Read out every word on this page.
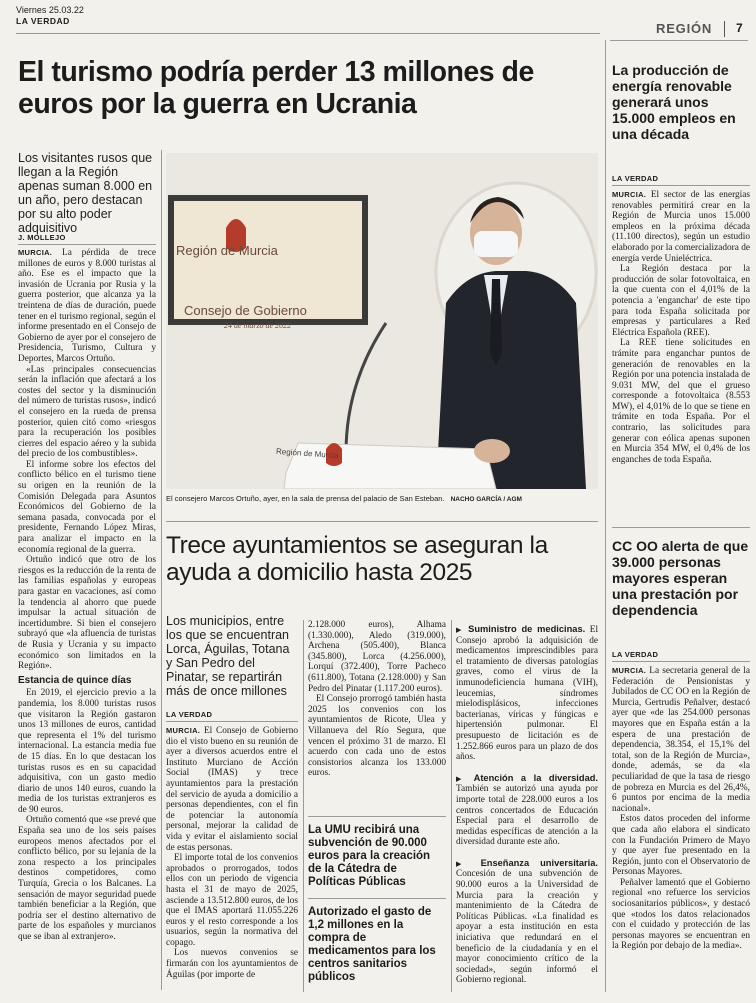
Viernes 25.03.22
LA VERDAD	REGIÓN 7
El turismo podría perder 13 millones de euros por la guerra en Ucrania
Los visitantes rusos que llegan a la Región apenas suman 8.000 en un año, pero destacan por su alto poder adquisitivo
J. MOLLEJO

MURCIA. La pérdida de trece millones de euros y 8.000 turistas al año. Ese es el impacto que la invasión de Ucrania por Rusia y la guerra posterior, que alcanza ya la treintena de días de duración, puede tener en el turismo regional, según el informe presentado en el Consejo de Gobierno de ayer por el consejero de Presidencia, Turismo, Cultura y Deportes, Marcos Ortuño.

«Las principales consecuencias serán la inflación que afectará a los costes del sector y la disminución del número de turistas rusos», indicó el consejero en la rueda de prensa posterior, quien citó como «riesgos para la recuperación los posibles cierres del espacio aéreo y la subida del precio de los combustibles».

El informe sobre los efectos del conflicto bélico en el turismo tiene su origen en la reunión de la Comisión Delegada para Asuntos Económicos del Gobierno de la semana pasada, convocada por el presidente, Fernando López Miras, para analizar el impacto en la economía regional de la guerra.

Ortuño indicó que otro de los riesgos es la reducción de la renta de las familias españolas y europeas para gastar en vacaciones, así como la tendencia al ahorro que puede impulsar la actual situación de incertidumbre. Si bien el consejero subrayó que «la afluencia de turistas de Rusia y Ucrania y su impacto económico son limitados en la Región».

Estancia de quince días

En 2019, el ejercicio previo a la pandemia, los 8.000 turistas rusos que visitaron la Región gastaron unos 13 millones de euros, cantidad que representa el 1% del turismo internacional. La estancia media fue de 15 días. En lo que destacan los turistas rusos es en su capacidad adquisitiva, con un gasto medio diario de unos 140 euros, cuando la media de los turistas extranjeros es de 90 euros.

Ortuño comentó que «se prevé que España sea uno de los seis países europeos menos afectados por el conflicto bélico, por su lejanía de la zona respecto a los principales destinos competidores, como Turquía, Grecia o los Balcanes. La sensación de mayor seguridad puede también beneficiar a la Región, que podría ser el destino alternativo de parte de los españoles y murcianos que se iban al extranjero».

Región de Murcia
Consejo de Gobierno
24 de marzo de 2022
Región de Murcia
El consejero Marcos Ortuño, ayer, en la sala de prensa del palacio de San Esteban. NACHO GARCÍA / AGM
Trece ayuntamientos se aseguran la ayuda a domicilio hasta 2025
Los municipios, entre los que se encuentran Lorca, Águilas, Totana y San Pedro del Pinatar, se repartirán más de once millones
LA VERDAD

MURCIA. El Consejo de Gobierno dio el visto bueno en su reunión de ayer a diversos acuerdos entre el Instituto Murciano de Acción Social (IMAS) y trece ayuntamientos para la prestación del servicio de ayuda a domicilio a personas dependientes, con el fin de potenciar la autonomía personal, mejorar la calidad de vida y evitar el aislamiento social de estas personas.

El importe total de los convenios aprobados o prorrogados, todos ellos con un periodo de vigencia hasta el 31 de mayo de 2025, asciende a 13.512.800 euros, de los que el IMAS aportará 11.055.226 euros y el resto corresponde a los usuarios, según la normativa del copago.

Los nuevos convenios se firmarán con los ayuntamientos de Águilas (por importe de

2.128.000 euros), Alhama (1.330.000), Aledo (319.000), Archena (505.400), Blanca (345.800), Lorca (4.256.000), Lorquí (372.400), Torre Pacheco (611.800), Totana (2.128.000) y San Pedro del Pinatar (1.117.200 euros).

El Consejo prorrogó también hasta 2025 los convenios con los ayuntamientos de Ricote, Ulea y Villanueva del Río Segura, que vencen el próximo 31 de marzo. El acuerdo con cada uno de estos consistorios alcanza los 133.000 euros.

La UMU recibirá una subvención de 90.000 euros para la creación de la Cátedra de Políticas Públicas
Autorizado el gasto de 1,2 millones en la compra de medicamentos para los centros sanitarios públicos

▶ Suministro de medicinas. El Consejo aprobó la adquisición de medicamentos imprescindibles para el tratamiento de diversas patologías graves, como el virus de la inmunodeficiencia humana (VIH), leucemias, síndromes mielodisplásicos, infecciones bacterianas, víricas y fúngicas e hipertensión pulmonar. El presupuesto de licitación es de 1.252.866 euros para un plazo de dos años.

▶ Atención a la diversidad. También se autorizó una ayuda por importe total de 228.000 euros a los centros concertados de Educación Especial para el desarrollo de medidas específicas de atención a la diversidad durante este año.

▶ Enseñanza universitaria. Concesión de una subvención de 90.000 euros a la Universidad de Murcia para la creación y mantenimiento de la Cátedra de Políticas Públicas. «La finalidad es apoyar a esta institución en esta iniciativa que redundará en el beneficio de la ciudadanía y en el mayor conocimiento crítico de la sociedad», según informó el Gobierno regional.

La producción de energía renovable generará unos 15.000 empleos en una década
LA VERDAD

MURCIA. El sector de las energías renovables permitirá crear en la Región de Murcia unos 15.000 empleos en la próxima década (11.100 directos), según un estudio elaborado por la comercializadora de energía verde Unieléctrica.

La Región destaca por la producción de solar fotovoltaica, en la que cuenta con el 4,01% de la potencia a 'enganchar' de este tipo para toda España solicitada por empresas y particulares a Red Eléctrica Española (REE).

La REE tiene solicitudes en trámite para enganchar puntos de generación de renovables en la Región por una potencia instalada de 9.031 MW, del que el grueso corresponde a fotovoltaica (8.553 MW), el 4,01% de lo que se tiene en trámite en toda España. Por el contrario, las solicitudes para generar con eólica apenas suponen en Murcia 354 MW, el 0,4% de los enganches de toda España.

CC OO alerta de que 39.000 personas mayores esperan una prestación por dependencia
LA VERDAD

MURCIA. La secretaria general de la Federación de Pensionistas y Jubilados de CC OO en la Región de Murcia, Gertrudis Peñalver, destacó ayer que «de las 254.000 personas mayores que en España están a la espera de una prestación de dependencia, 38.354, el 15,1% del total, son de la Región de Murcia», donde, además, se da «la peculiaridad de que la tasa de riesgo de pobreza en Murcia es del 26,4%, 6 puntos por encima de la media nacional».

Estos datos proceden del informe que cada año elabora el sindicato con la Fundación Primero de Mayo y que ayer fue presentado en la Región, junto con el Observatorio de Personas Mayores.

Peñalver lamentó que el Gobierno regional «no refuerce los servicios sociosanitarios públicos», y destacó que «todos los datos relacionados con el cuidado y protección de las personas mayores se encuentran en la Región por debajo de la media».
